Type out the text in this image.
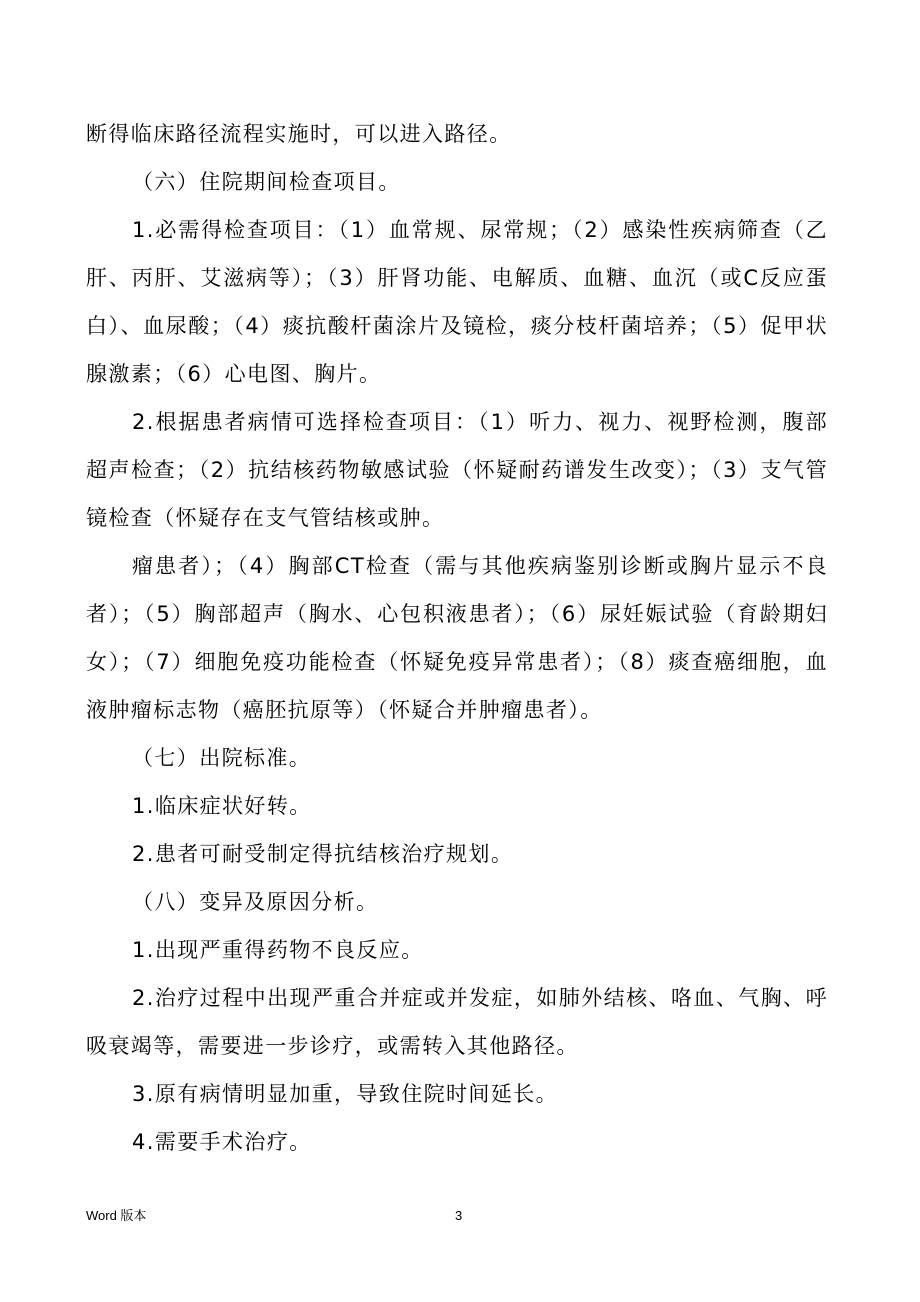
断得临床路径流程实施时，可以进入路径。

（六）住院期间检查项目。

1.必需得检查项目：（1）血常规、尿常规；（2）感染性疾病筛查（乙肝、丙肝、艾滋病等）；（3）肝肾功能、电解质、血糖、血沉（或C反应蛋白）、血尿酸；（4）痰抗酸杆菌涂片及镜检，痰分枝杆菌培养；（5）促甲状腺激素；（6）心电图、胸片。

2.根据患者病情可选择检查项目：（1）听力、视力、视野检测，腹部超声检查；（2）抗结核药物敏感试验（怀疑耐药谱发生改变）；（3）支气管镜检查（怀疑存在支气管结核或肿。

瘤患者）；（4）胸部CT检查（需与其他疾病鉴别诊断或胸片显示不良者）；（5）胸部超声（胸水、心包积液患者）；（6）尿妊娠试验（育龄期妇女）；（7）细胞免疫功能检查（怀疑免疫异常患者）；（8）痰查癌细胞，血液肿瘤标志物（癌胚抗原等）（怀疑合并肿瘤患者）。

（七）出院标准。

1.临床症状好转。

2.患者可耐受制定得抗结核治疗规划。

（八）变异及原因分析。

1.出现严重得药物不良反应。

2.治疗过程中出现严重合并症或并发症，如肺外结核、咯血、气胸、呼吸衰竭等，需要进一步诊疗，或需转入其他路径。

3.原有病情明显加重，导致住院时间延长。

4.需要手术治疗。

Word 版本	3
